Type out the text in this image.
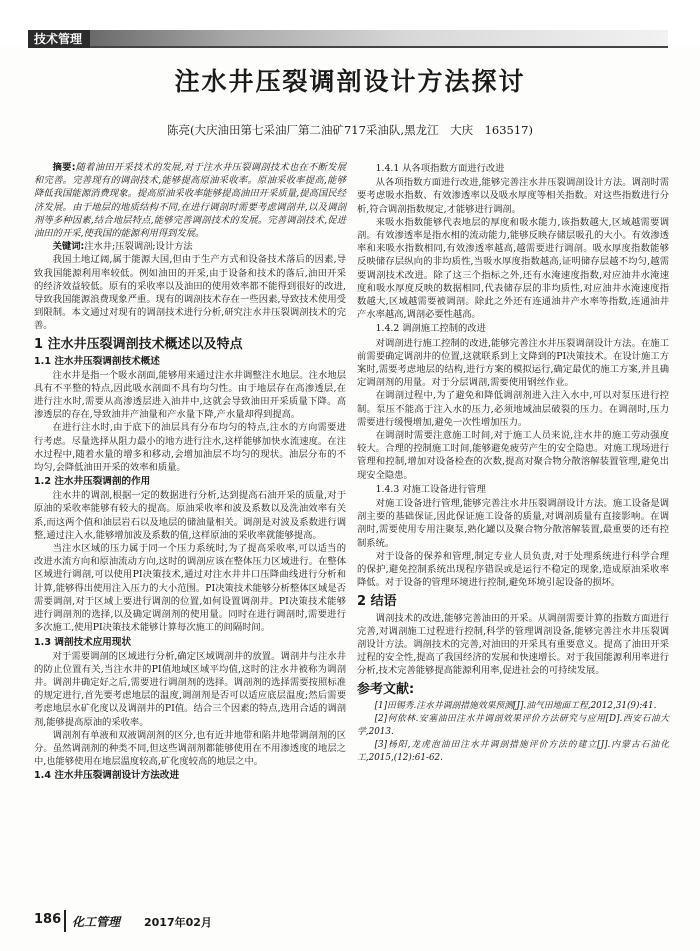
技术管理
注水井压裂调剖设计方法探讨
陈亮(大庆油田第七采油厂第二油矿717采油队,黑龙江　大庆　163517)

摘要:随着油田开采技术的发展,对于注水井压裂调剖技术也在不断发展和完善。完善现有的调剖技术,能够提高原油采收率。原油采收率提高,能够降低我国能源消费现象。提高原油采收率能够提高油田开采质量,提高国民经济发展。由于地层的地质结构不同,在进行调剖时需要考虑调剖井,以及调剖剂等多种因素,结合地层特点,能够完善调剖技术的发展。完善调剖技术,促进油田的开采,使我国的能源利用得到发展。

关键词:注水井;压裂调剖;设计方法

我国土地辽阔,属于能源大国,但由于生产方式和设备技术落后的因素,导致我国能源利用率较低。例如油田的开采,由于设备和技术的落后,油田开采的经济效益较低。原有的采收率以及油田的使用效率都不能得到很好的改进,导致我国能源浪费现象严重。现有的调剖技术存在一些因素,导致技术使用受到限制。本文通过对现有的调剖技术进行分析,研究注水井压裂调剖技术的完善。

1 注水井压裂调剖技术概述以及特点
1.1 注水井压裂调剖技术概述

注水井是指一个吸水剖面,能够用来通过注水井调整注水地层。注水地层具有不平整的特点,因此吸水剖面不具有均匀性。由于地层存在高渗透层,在进行注水时,需要从高渗透层进入油井中,这就会导致油田开采质量下降。高渗透层的存在,导致油井产油量和产水量下降,产水量却得到提高。

在进行注水时,由于底下的油层具有分布均匀的特点,注水的方向需要进行考虑。尽量选择从阻力最小的地方进行注水,这样能够加快水流速度。在注水过程中,随着水量的增多和移动,会增加油层不均匀的现状。油层分布的不均匀,会降低油田开采的效率和质量。

1.2 注水井压裂调剖的作用

注水井的调剖,根据一定的数据进行分析,达到提高石油开采的质量,对于原油的采收率能够有较大的提高。原油采收率和波及系数以及洗油效率有关系,而这两个值和油层岩石以及地层的储油量相关。调剖是对波及系数进行调整,通过注入水,能够增加波及系数的值,这样原油的采收率就能够提高。

当注水区域的压力属于同一个压力系统时,为了提高采收率,可以适当的改进水流方向和原油流动方向,这时的调剖应该在整体压力区域进行。在整体区域进行调剖,可以使用PI决策技术,通过对注水井井口压降曲线进行分析和计算,能够得出使用注入压力的大小范围。PI决策技术能够分析整体区域是否需要调剖,对于区域上要进行调剖的位置,如何设置调剖井。PI决策技术能够进行调剖剂的选择,以及确定调剖剂的使用量。同时在进行调剖时,需要进行多次施工,使用PI决策技术能够计算每次施工的间隔时间。

1.3 调剖技术应用现状

对于需要调剖的区域进行分析,确定区域调剖井的放置。调剖井与注水井的防止位置有关,当注水井的PI值地域区域平均值,这时的注水井被称为调剖井。调剖井确定好之后,需要进行调剖剂的选择。调剖剂的选择需要按照标准的规定进行,首先要考虑地层的温度,调剖剂是否可以适应底层温度;然后需要考虑地层水矿化度以及调剖井的PI值。结合三个因素的特点,选用合适的调剖剂,能够提高原油的采收率。

调剖剂有单液和双液调剖剂的区分,也有近井地带和陷井地带调剖剂的区分。虽然调剖剂的种类不同,但这些调剖剂都能够使用在不用渗透度的地层之中,也能够使用在地层温度较高,矿化度较高的地层之中。

1.4 注水井压裂调剖设计方法改进
1.4.1 从各项指数方面进行改进

从各项指数方面进行改进,能够完善注水井压裂调剖设计方法。调剖时需要考虑吸水指数、有效渗透率以及吸水厚度等相关指数。对这些指数进行分析,符合调剖指数规定,才能够进行调剖。

来吸水指数能够代表地层的厚度和吸水能力,该指数越大,区域越需要调剖。有效渗透率是指水相的流动能力,能够反映存储层吸孔的大小。有效渗透率和来吸水指数相同,有效渗透率越高,越需要进行调剖。吸水厚度指数能够反映储存层纵向的非均质性,当吸水厚度指数越高,证明储存层越不均匀,越需要调剖技术改进。除了这三个指标之外,还有水淹速度指数,对应油井水淹速度和吸水厚度反映的数据相同,代表储存层的非均质性,对应油井水淹速度指数越大,区域越需要被调剖。除此之外还有连通油井产水率等指数,连通油井产水率越高,调剖必要性越高。

1.4.2 调剖施工控制的改进

对调剖进行施工控制的改进,能够完善注水井压裂调剖设计方法。在施工前需要确定调剖井的位置,这就联系到上文降到的PI决策技术。在设计施工方案时,需要考虑地层的结构,进行方案的模拟运行,确定最优的施工方案,并且确定调剖剂的用量。对于分层调剖,需要使用钢丝作业。

在调剖过程中,为了避免和降低调剖剂进入注入水中,可以对泵压进行控制。泵压不能高于注入水的压力,必须地域油层破裂的压力。在调剖时,压力需要进行缓慢增加,避免一次性增加压力。

在调剖时需要注意施工时间,对于施工人员来说,注水井的施工劳动强度较大。合理的控制施工时间,能够避免疲劳产生的安全隐患。对施工现场进行管理和控制,增加对设备检查的次数,提高对聚合物分散溶解装置管理,避免出现安全隐患。

1.4.3 对施工设备进行管理

对施工设备进行管理,能够完善注水井压裂调剖设计方法。施工设备是调剖主要的基础保证,因此保证施工设备的质量,对调剖质量有直接影响。在调剖时,需要使用专用注聚泵,熟化罐以及聚合物分散溶解装置,最重要的还有控制系统。

对于设备的保养和管理,制定专业人员负责,对于处理系统进行科学合理的保护,避免控制系统出现程序错误或是运行不稳定的现象,造成原油采收率降低。对于设备的管理环境进行控制,避免环境引起设备的损坏。

2 结语

调剖技术的改进,能够完善油田的开采。从调剖需要计算的指数方面进行完善,对调剖施工过程进行控制,科学的管理调剖设备,能够完善注水井压裂调剖设计方法。调剖技术的完善,对油田的开采具有重要意义。提高了油田开采过程的安全性,提高了我国经济的发展和快速增长。对于我国能源利用率进行分析,技术完善能够提高能源利用率,促进社会的可持续发展。

参考文献:

[1]田锡秀.注水井调剖措施效果预测[J].油气田地面工程,2012,31(9):41.

[2]何依林.安塞油田注水井调剖效果评价方法研究与应用[D].西安石油大学,2013.

[3]杨阳,龙虎泡油田注水井调剖措施评价方法的建立[J].内蒙古石油化工,2015,(12):61-62.

186 化工管理 2017年02月
